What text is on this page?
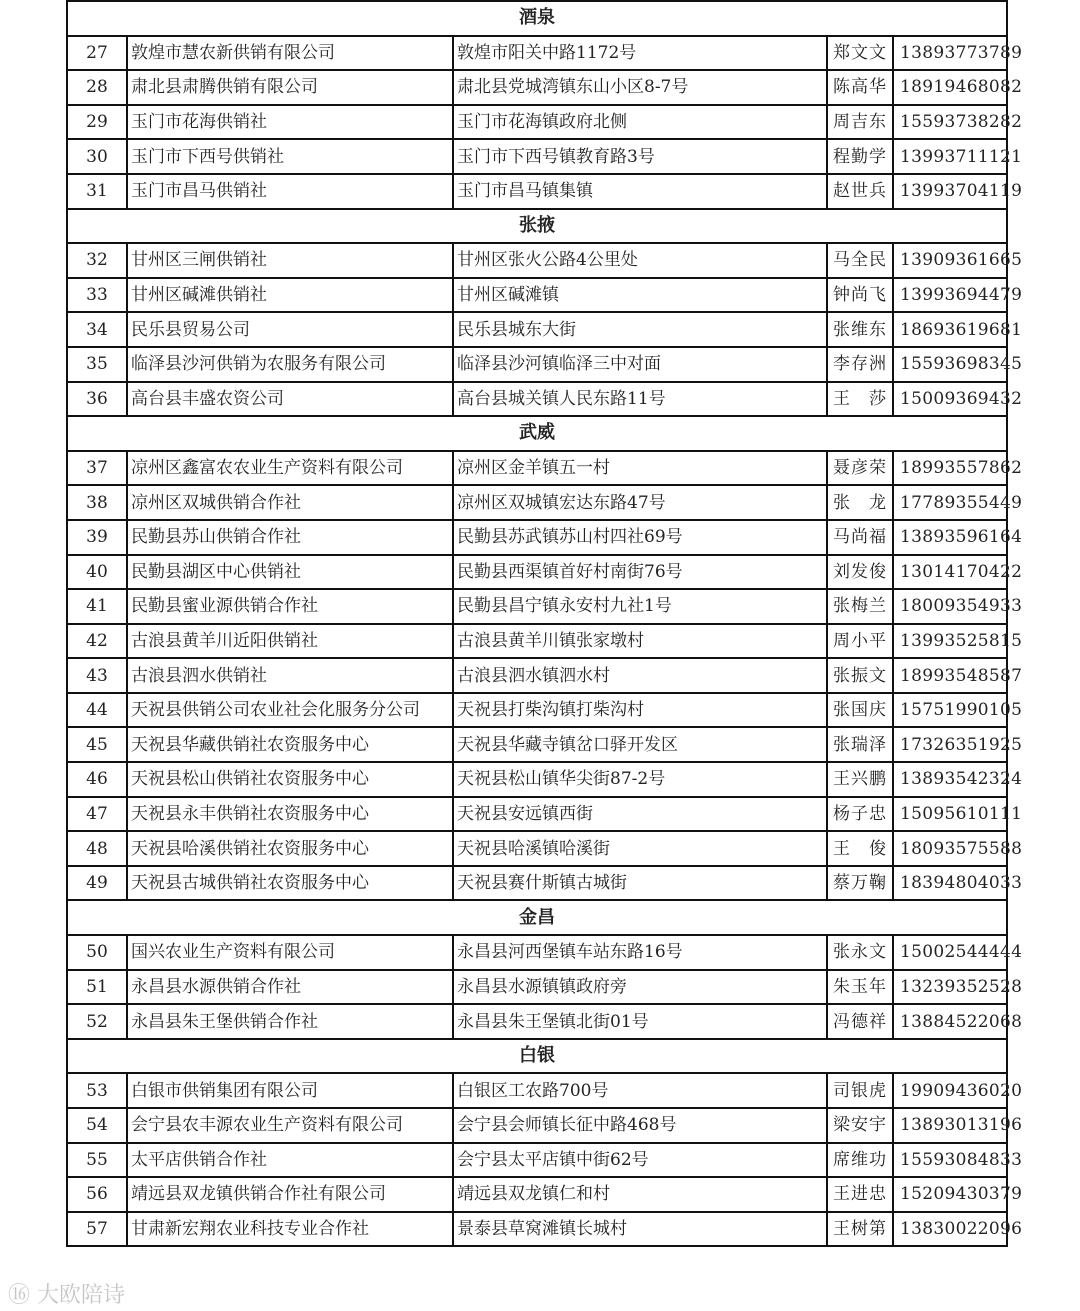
酒泉				
27	敦煌市慧农新供销有限公司	敦煌市阳关中路1172号	郑文文	13893773789
28	肃北县肃腾供销有限公司	肃北县党城湾镇东山小区8-7号	陈高华	18919468082
29	玉门市花海供销社	玉门市花海镇政府北侧	周吉东	15593738282
30	玉门市下西号供销社	玉门市下西号镇教育路3号	程勤学	13993711121
31	玉门市昌马供销社	玉门市昌马镇集镇	赵世兵	13993704119
张掖				
32	甘州区三闸供销社	甘州区张火公路4公里处	马全民	13909361665
33	甘州区碱滩供销社	甘州区碱滩镇	钟尚飞	13993694479
34	民乐县贸易公司	民乐县城东大街	张维东	18693619681
35	临泽县沙河供销为农服务有限公司	临泽县沙河镇临泽三中对面	李存洲	15593698345
36	高台县丰盛农资公司	高台县城关镇人民东路11号	王　莎	15009369432
武威				
37	凉州区鑫富农农业生产资料有限公司	凉州区金羊镇五一村	聂彦荣	18993557862
38	凉州区双城供销合作社	凉州区双城镇宏达东路47号	张　龙	17789355449
39	民勤县苏山供销合作社	民勤县苏武镇苏山村四社69号	马尚福	13893596164
40	民勤县湖区中心供销社	民勤县西渠镇首好村南街76号	刘发俊	13014170422
41	民勤县蜜业源供销合作社	民勤县昌宁镇永安村九社1号	张梅兰	18009354933
42	古浪县黄羊川近阳供销社	古浪县黄羊川镇张家墩村	周小平	13993525815
43	古浪县泗水供销社	古浪县泗水镇泗水村	张振文	18993548587
44	天祝县供销公司农业社会化服务分公司	天祝县打柴沟镇打柴沟村	张国庆	15751990105
45	天祝县华藏供销社农资服务中心	天祝县华藏寺镇岔口驿开发区	张瑞泽	17326351925
46	天祝县松山供销社农资服务中心	天祝县松山镇华尖街87-2号	王兴鹏	13893542324
47	天祝县永丰供销社农资服务中心	天祝县安远镇西街	杨子忠	15095610111
48	天祝县哈溪供销社农资服务中心	天祝县哈溪镇哈溪街	王　俊	18093575588
49	天祝县古城供销社农资服务中心	天祝县赛什斯镇古城街	蔡万鞠	18394804033
金昌				
50	国兴农业生产资料有限公司	永昌县河西堡镇车站东路16号	张永文	15002544444
51	永昌县水源供销合作社	永昌县水源镇镇政府旁	朱玉年	13239352528
52	永昌县朱王堡供销合作社	永昌县朱王堡镇北街01号	冯德祥	13884522068
白银				
53	白银市供销集团有限公司	白银区工农路700号	司银虎	19909436020
54	会宁县农丰源农业生产资料有限公司	会宁县会师镇长征中路468号	梁安宇	13893013196
55	太平店供销合作社	会宁县太平店镇中街62号	席维功	15593084833
56	靖远县双龙镇供销合作社有限公司	靖远县双龙镇仁和村	王进忠	15209430379
57	甘肃新宏翔农业科技专业合作社	景泰县草窝滩镇长城村	王树第	13830022096
⑯ 大欧陪诗
